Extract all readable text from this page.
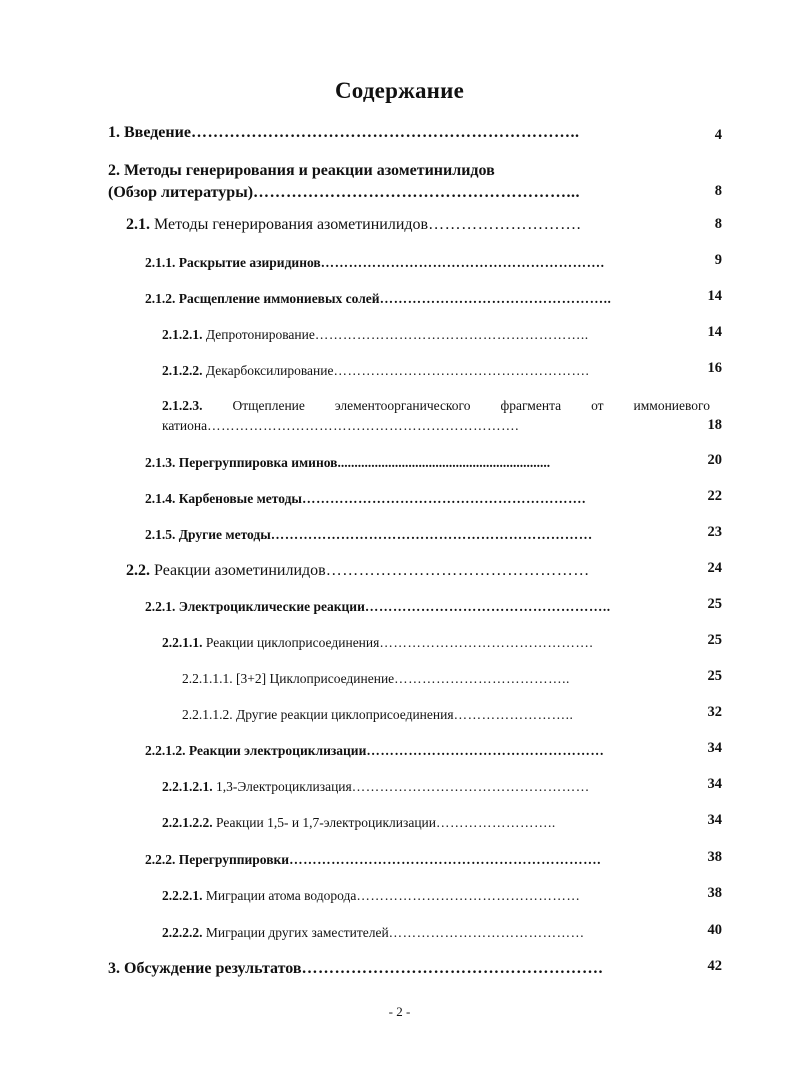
Содержание
1. Введение……………………………………………………………..	4
2. Методы генерирования и реакции азометинилидов
(Обзор литературы)…………………………………………………...	8
2.1. Методы генерирования азометинилидов……………………….	8
2.1.1. Раскрытие азиридинов…………………………………………………….	9
2.1.2. Расщепление иммониевых солей…………………………………………..	14
2.1.2.1. Депротонирование…………………………………………………..	14
2.1.2.2. Декарбоксилирование……………………………………………….	16
2.1.2.3. Отщепление элементоорганического фрагмента от иммониевого
катиона………………………………………………………….	18
2.1.3. Перегруппировка иминов...............................................................	20
2.1.4. Карбеновые методы…………………………………………………….	22
2.1.5. Другие методы……………………………………………………………	23
2.2. Реакции азометинилидов…………………………………………	24
2.2.1. Электроциклические реакции……………………………………………..	25
2.2.1.1. Реакции циклоприсоединения……………………………………….	25
2.2.1.1.1. [3+2] Циклоприсоединение………………………………..	25
2.2.1.1.2. Другие реакции циклоприсоединения……………………..	32
2.2.1.2. Реакции электроциклизации……………………………………………	34
2.2.1.2.1. 1,3-Электроциклизация……………………………………………	34
2.2.1.2.2. Реакции 1,5- и 1,7-электроциклизации……………………..	34
2.2.2. Перегруппировки………………………………………………………….	38
2.2.2.1. Миграции атома водорода…………………………………………	38
2.2.2.2. Миграции других заместителей……………………………………	40
3. Обсуждение результатов……………………………………………….	42
- 2 -
